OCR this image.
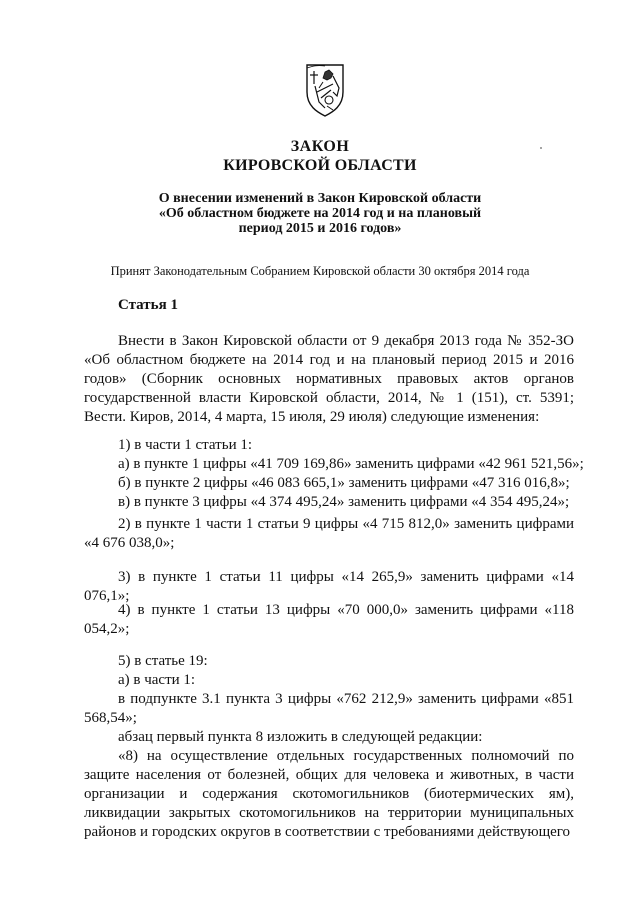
ЗАКОН
КИРОВСКОЙ ОБЛАСТИ
О внесении изменений в Закон Кировской области
«Об областном бюджете на 2014 год и на плановый
период 2015 и 2016 годов»
Принят Законодательным Собранием Кировской области 30 октября 2014 года
Статья 1

Внести в Закон Кировской области от 9 декабря 2013 года № 352-ЗО «Об областном бюджете на 2014 год и на плановый период 2015 и 2016 годов» (Сборник основных нормативных правовых актов органов государственной власти Кировской области, 2014, № 1 (151), ст. 5391; Вести. Киров, 2014, 4 марта, 15 июля, 29 июля) следующие изменения:

1) в части 1 статьи 1:
а) в пункте 1 цифры «41 709 169,86» заменить цифрами «42 961 521,56»;
б) в пункте 2 цифры «46 083 665,1» заменить цифрами «47 316 016,8»;
в) в пункте 3 цифры «4 374 495,24» заменить цифрами «4 354 495,24»;

2) в пункте 1 части 1 статьи 9 цифры «4 715 812,0» заменить цифрами «4 676 038,0»;

3) в пункте 1 статьи 11 цифры «14 265,9» заменить цифрами «14 076,1»;

4) в пункте 1 статьи 13 цифры «70 000,0» заменить цифрами «118 054,2»;

5) в статье 19:
а) в части 1:

в подпункте 3.1 пункта 3 цифры «762 212,9» заменить цифрами «851 568,54»;

абзац первый пункта 8 изложить в следующей редакции:

«8) на осуществление отдельных государственных полномочий по защите населения от болезней, общих для человека и животных, в части организации и содержания скотомогильников (биотермических ям), ликвидации закрытых скотомогильников на территории муниципальных районов и городских округов в соответствии с требованиями действующего
